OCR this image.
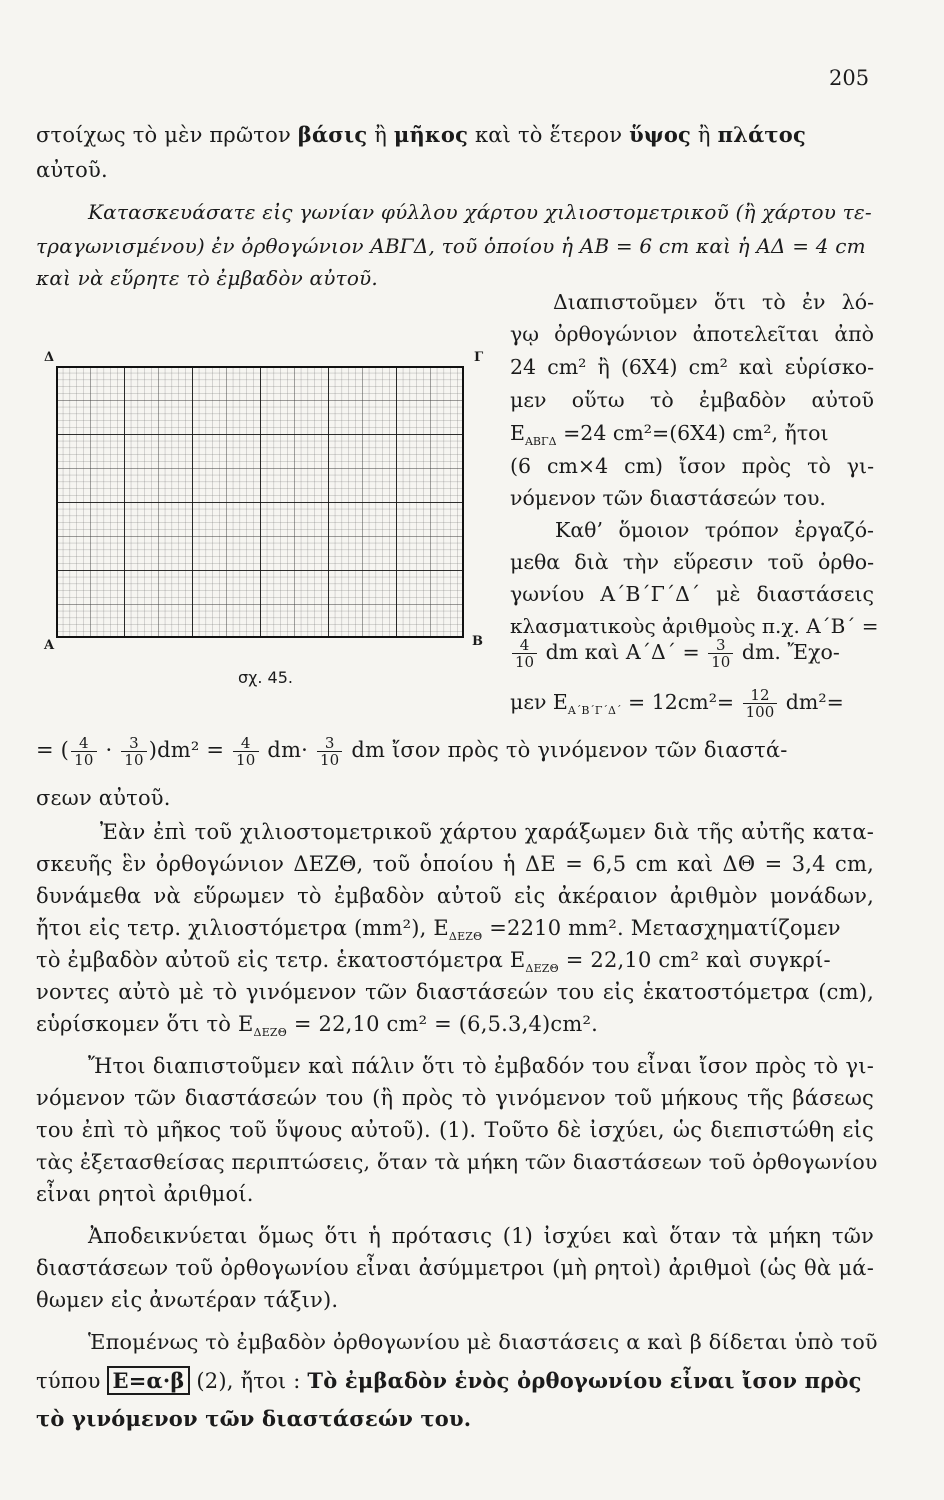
205
στοίχως τὸ μὲν πρῶτον βάσις ἢ μῆκος καὶ τὸ ἕτερον ὕψος ἢ πλάτος
αὐτοῦ.
Κατασκευάσατε εἰς γωνίαν φύλλου χάρτου χιλιοστομετρικοῦ (ἢ χάρτου τε-
τραγωνισμένου) ἐν ὀρθογώνιον ΑΒΓΔ, τοῦ ὁποίου ἡ ΑΒ = 6 cm καὶ ἡ ΑΔ = 4 cm
καὶ νὰ εὕρητε τὸ ἐμβαδὸν αὐτοῦ.
Δ	Γ
Α	Β
σχ. 45.
Διαπιστοῦμεν ὅτι τὸ ἐν λό-
γῳ ὀρθογώνιον ἀποτελεῖται ἀπὸ
24 cm² ἢ (6Χ4) cm² καὶ εὑρίσκο-
μεν οὕτω τὸ ἐμβαδὸν αὐτοῦ
$E_{AB\Gamma\Delta} =24$ cm²=(6Χ4) cm², ἤτοι
(6 cm×4 cm) ἴσον πρὸς τὸ γι-
νόμενον τῶν διαστάσεών του.
Καθ’ ὅμοιον τρόπον ἐργαζό-
μεθα διὰ τὴν εὕρεσιν τοῦ ὀρθο-
γωνίου Α΄Β΄Γ΄Δ΄ μὲ διαστάσεις
κλασματικοὺς ἀριθμοὺς π.χ. Α΄Β΄ =
$\frac{4}{10}$ dm καὶ $A΄\Delta΄ = \frac{3}{10}$ dm. Ἔχο-
μεν $E_{A΄B΄\Gamma΄\Delta΄} = 12cm^2= \frac{12}{100} dm^2=$
= ( $\frac{4}{10} \cdot \frac{3}{10} )dm^2 = \frac{4}{10} dm\cdot \frac{3}{10}$ dm ἴσον πρὸς τὸ γινόμενον τῶν διαστά-
σεων αὐτοῦ.
Ἐὰν ἐπὶ τοῦ χιλιοστομετρικοῦ χάρτου χαράξωμεν διὰ τῆς αὐτῆς κατα-
σκευῆς ἓν ὀρθογώνιον ΔΕΖΘ, τοῦ ὁποίου ἡ ΔΕ = 6,5 cm καὶ ΔΘ = 3,4 cm,
δυνάμεθα νὰ εὕρωμεν τὸ ἐμβαδὸν αὐτοῦ εἰς ἀκέραιον ἀριθμὸν μονάδων,
ἤτοι εἰς τετρ. χιλιοστόμετρα (mm²), $E_{\Delta EZ\Theta} =2210$ mm². Μετασχηματίζομεν
τὸ ἐμβαδὸν αὐτοῦ εἰς τετρ. ἑκατοστόμετρα $E_{\Delta EZ\Theta} = 22,10$ cm² καὶ συγκρί-
νοντες αὐτὸ μὲ τὸ γινόμενον τῶν διαστάσεών του εἰς ἑκατοστόμετρα (cm),
εὑρίσκομεν ὅτι τὸ $E_{\Delta EZ\Theta} = 22,10$ cm² = (6,5.3,4)cm².
Ἤτοι διαπιστοῦμεν καὶ πάλιν ὅτι τὸ ἐμβαδόν του εἶναι ἴσον πρὸς τὸ γι-
νόμενον τῶν διαστάσεών του (ἢ πρὸς τὸ γινόμενον τοῦ μήκους τῆς βάσεως
του ἐπὶ τὸ μῆκος τοῦ ὕψους αὐτοῦ). (1). Τοῦτο δὲ ἰσχύει, ὡς διεπιστώθη εἰς
τὰς ἐξετασθείσας περιπτώσεις, ὅταν τὰ μήκη τῶν διαστάσεων τοῦ ὀρθογωνίου
εἶναι ρητοὶ ἀριθμοί.
Ἀποδεικνύεται ὅμως ὅτι ἡ πρότασις (1) ἰσχύει καὶ ὅταν τὰ μήκη τῶν
διαστάσεων τοῦ ὀρθογωνίου εἶναι ἀσύμμετροι (μὴ ρητοὶ) ἀριθμοὶ (ὡς θὰ μά-
θωμεν εἰς ἀνωτέραν τάξιν).
Ἑπομένως τὸ ἐμβαδὸν ὀρθογωνίου μὲ διαστάσεις α καὶ β δίδεται ὑπὸ τοῦ
τύπου Ε=α·β (2), ἤτοι : Τὸ ἐμβαδὸν ἑνὸς ὀρθογωνίου εἶναι ἴσον πρὸς
τὸ γινόμενον τῶν διαστάσεών του.
